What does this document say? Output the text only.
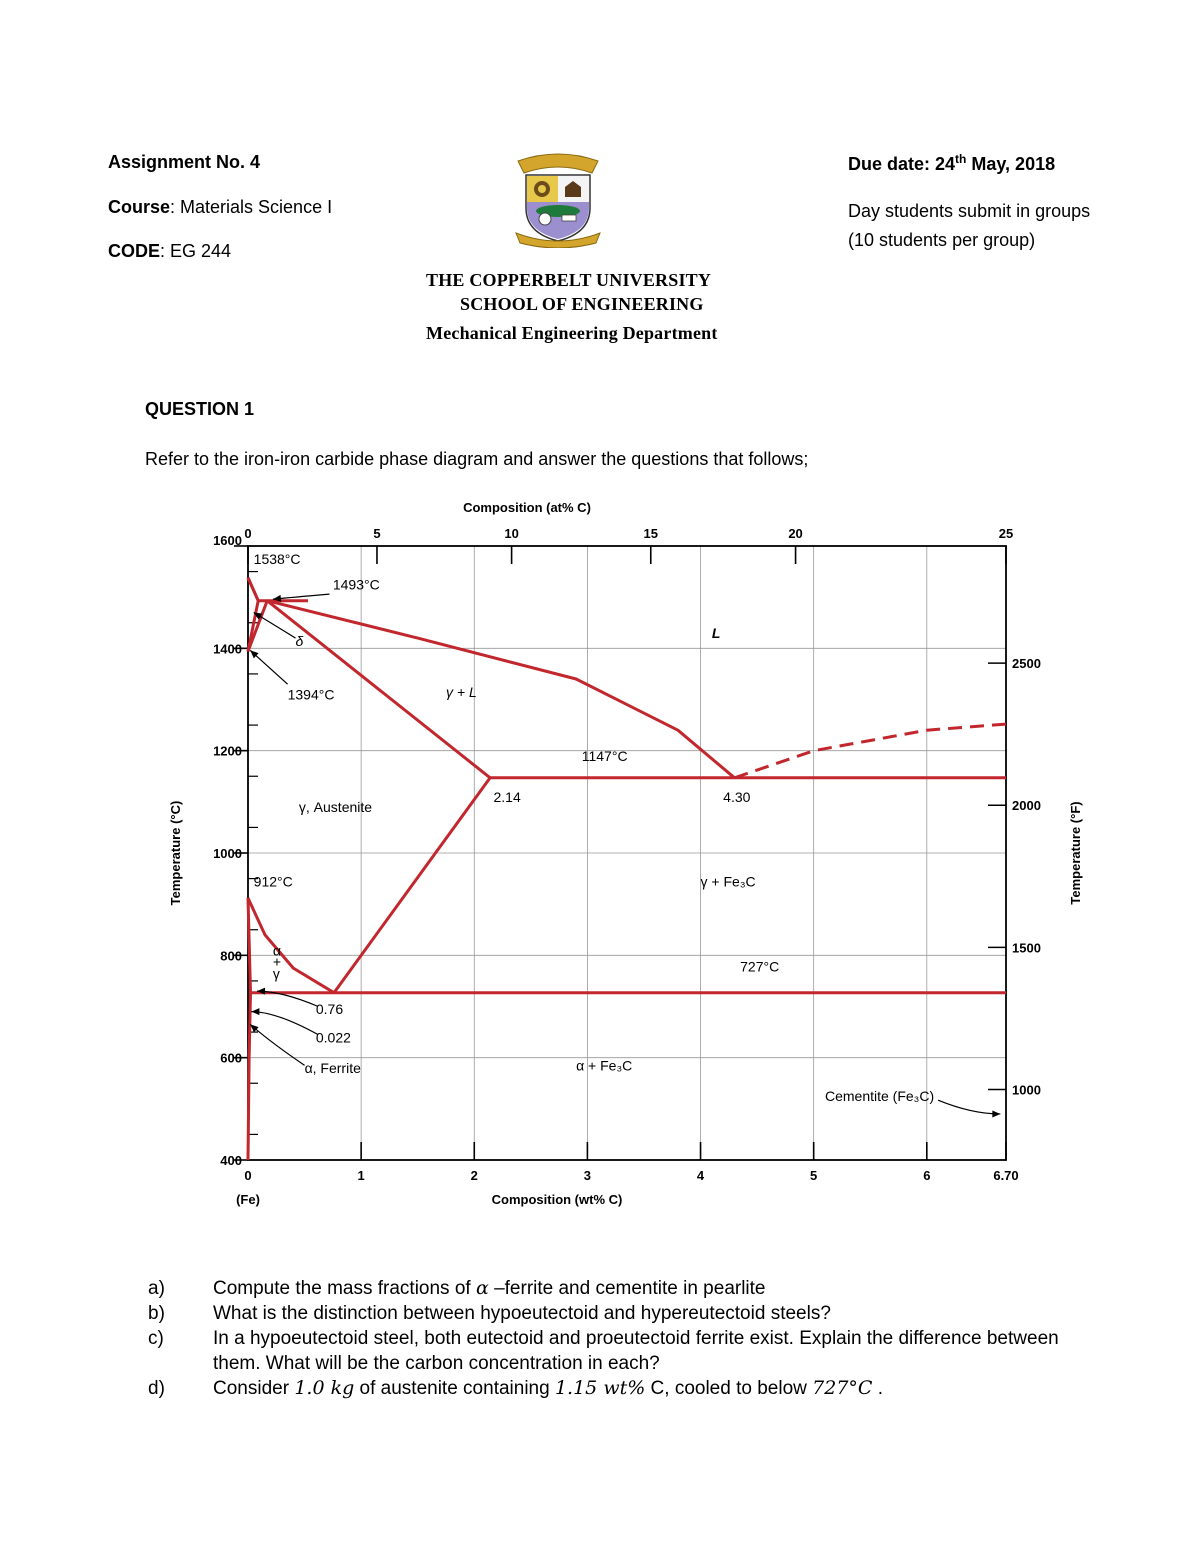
Assignment No. 4
Course: Materials Science I
CODE: EG 244
Due date: 24th May, 2018
Day students submit in groups
(10 students per group)
THE COPPERBELT UNIVERSITY
SCHOOL OF ENGINEERING
Mechanical Engineering Department
QUESTION 1
Refer to the iron-iron carbide phase diagram and answer the questions that follows;
0	1	2	3	4	5	6	6.70
400
600
800
1000
1200
1400
1600 0	5	10	15	20	25
1000
1500
2000
2500
1538°C
1493°C
δ
1394°C
L
γ + L
1147°C
2.14	4.30
γ, Austenite
912°C	γ + Fe₃C
α
+
γ	727°C
0.76
0.022
α, Ferrite	α + Fe₃C
Cementite (Fe₃C)
Composition (wt% C)
Composition (at% C)
(Fe)
Temperature (°C)	Temperature (°F)
a)	Compute the mass fractions of α –ferrite and cementite in pearlite
b)	What is the distinction between hypoeutectoid and hypereutectoid steels?
c)	In a hypoeutectoid steel, both eutectoid and proeutectoid ferrite exist. Explain the difference between them. What will be the carbon concentration in each?
d)	Consider 1.0 kg of austenite containing 1.15 wt% C, cooled to below 727°C .
